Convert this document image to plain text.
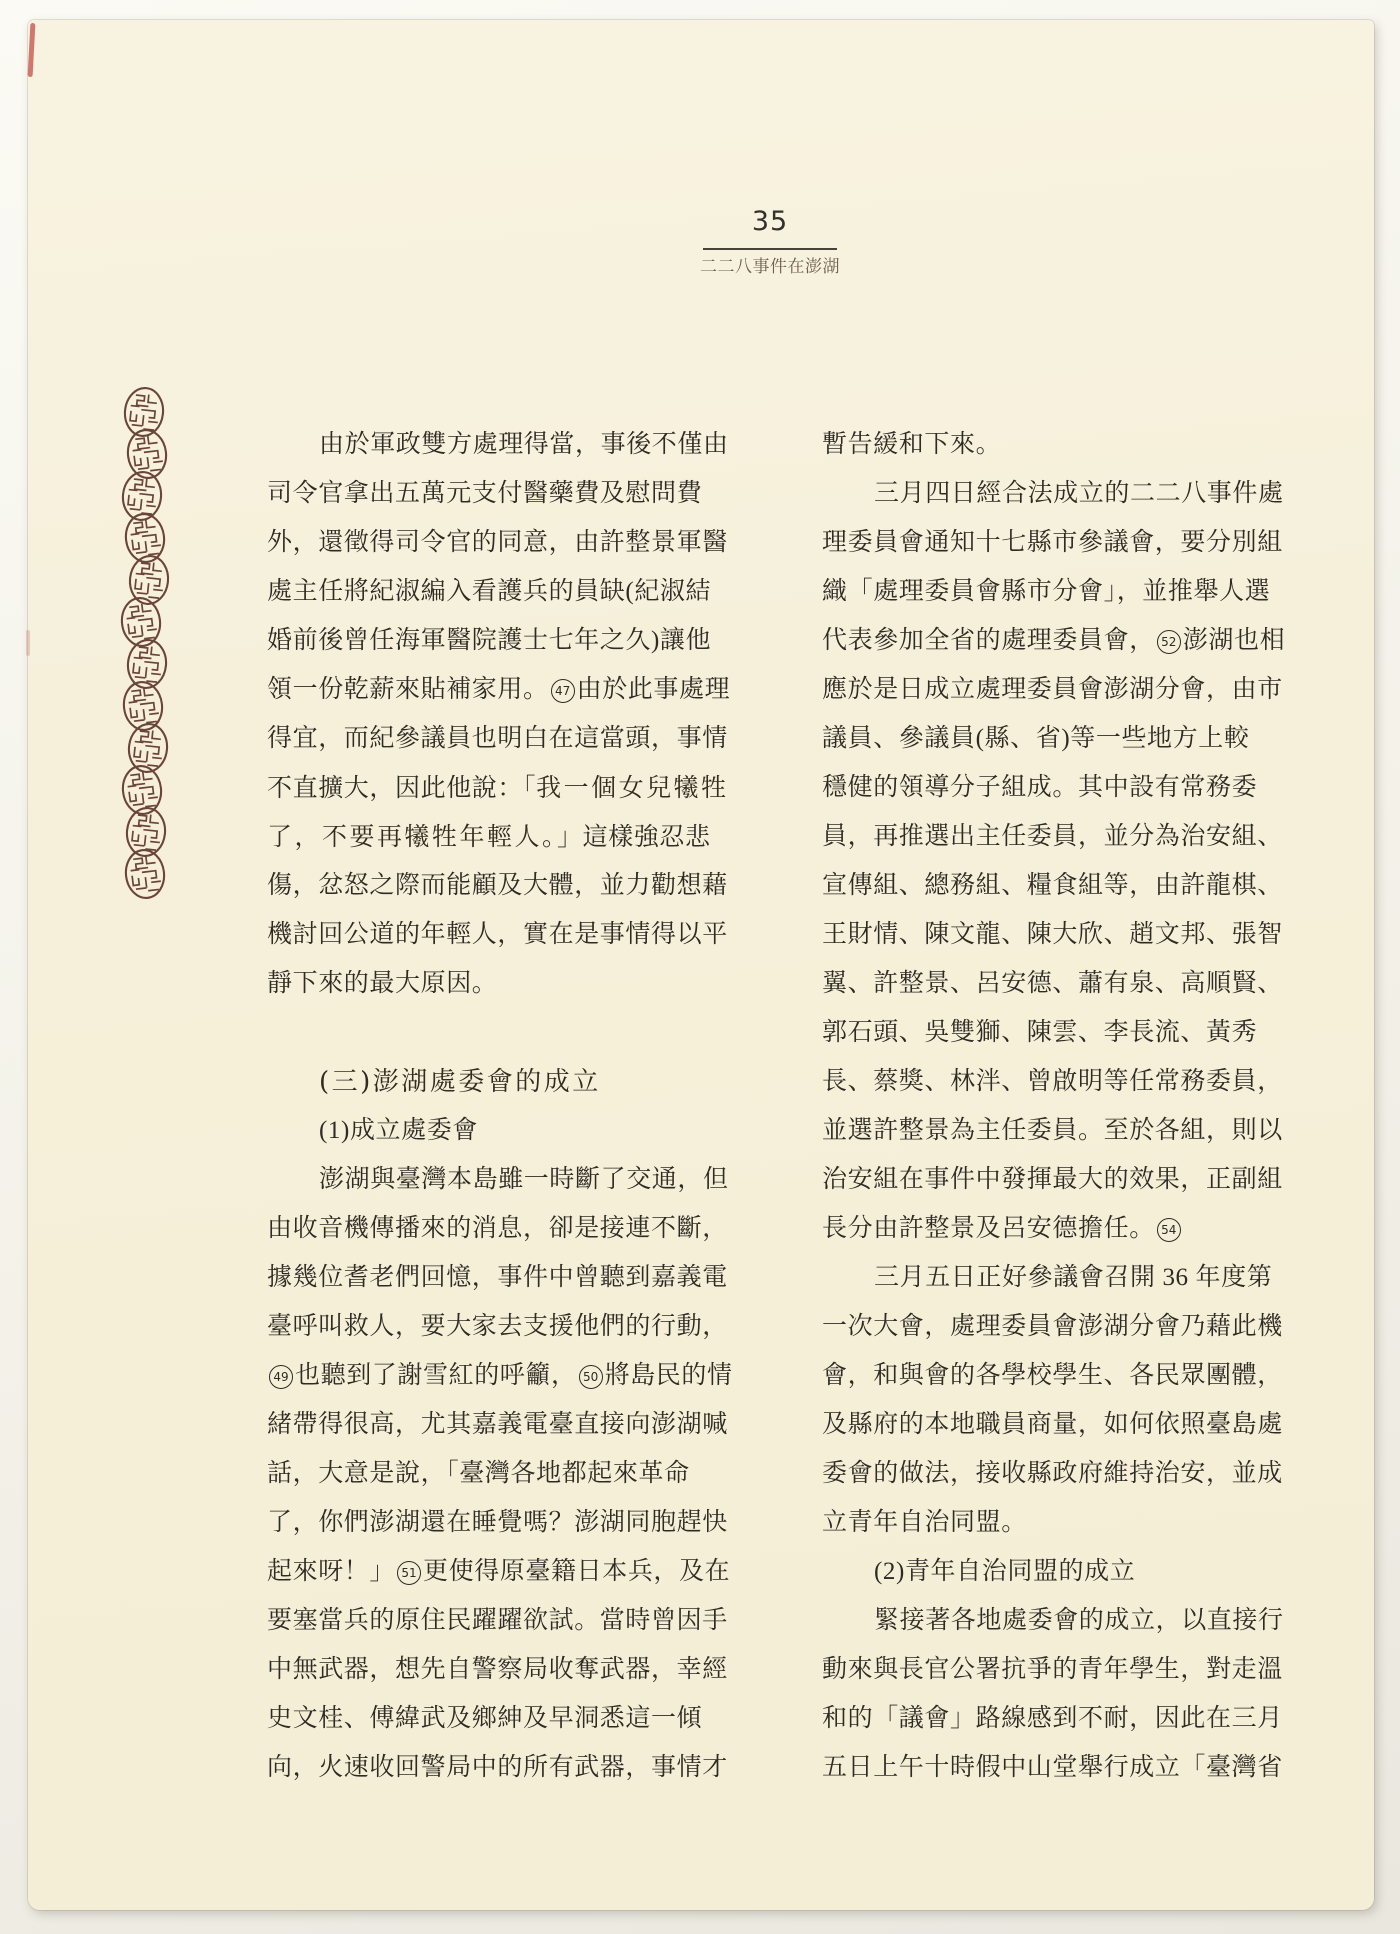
35
二二八事件在澎湖
由於軍政雙方處理得當，事後不僅由
司令官拿出五萬元支付醫藥費及慰問費
外，還徵得司令官的同意，由許整景軍醫
處主任將紀淑編入看護兵的員缺(紀淑結
婚前後曾任海軍醫院護士七年之久)讓他
領一份乾薪來貼補家用。 47 由於此事處理
得宜，而紀參議員也明白在這當頭，事情
不直擴大，因此他說：「我一個女兒犧牲
了，不要再犧牲年輕人。」這樣強忍悲
傷，忿怒之際而能顧及大體，並力勸想藉
機討回公道的年輕人，實在是事情得以平
靜下來的最大原因。
(三)澎湖處委會的成立
(1)成立處委會
澎湖與臺灣本島雖一時斷了交通，但
由收音機傳播來的消息，卻是接連不斷，
據幾位耆老們回憶，事件中曾聽到嘉義電
臺呼叫救人，要大家去支援他們的行動，
49 也聽到了謝雪紅的呼籲， 50 將島民的情
緒帶得很高，尤其嘉義電臺直接向澎湖喊
話，大意是說，「臺灣各地都起來革命
了，你們澎湖還在睡覺嗎？澎湖同胞趕快
起來呀！」 51 更使得原臺籍日本兵，及在
要塞當兵的原住民躍躍欲試。當時曾因手
中無武器，想先自警察局收奪武器，幸經
史文桂、傅緯武及鄉紳及早洞悉這一傾
向，火速收回警局中的所有武器，事情才
暫告緩和下來。
三月四日經合法成立的二二八事件處
理委員會通知十七縣市參議會，要分別組
織「處理委員會縣市分會」，並推舉人選
代表參加全省的處理委員會， 52 澎湖也相
應於是日成立處理委員會澎湖分會，由市
議員、參議員(縣、省)等一些地方上較
穩健的領導分子組成。其中設有常務委
員，再推選出主任委員，並分為治安組、
宣傳組、總務組、糧食組等，由許龍棋、
王財情、陳文龍、陳大欣、趙文邦、張智
翼、許整景、呂安德、蕭有泉、高順賢、
郭石頭、吳雙獅、陳雲、李長流、黃秀
長、蔡獎、林泮、曾啟明等任常務委員，
並選許整景為主任委員。至於各組，則以
治安組在事件中發揮最大的效果，正副組
長分由許整景及呂安德擔任。 54
三月五日正好參議會召開 36 年度第
一次大會，處理委員會澎湖分會乃藉此機
會，和與會的各學校學生、各民眾團體，
及縣府的本地職員商量，如何依照臺島處
委會的做法，接收縣政府維持治安，並成
立青年自治同盟。
(2)青年自治同盟的成立
緊接著各地處委會的成立，以直接行
動來與長官公署抗爭的青年學生，對走溫
和的「議會」路線感到不耐，因此在三月
五日上午十時假中山堂舉行成立「臺灣省
